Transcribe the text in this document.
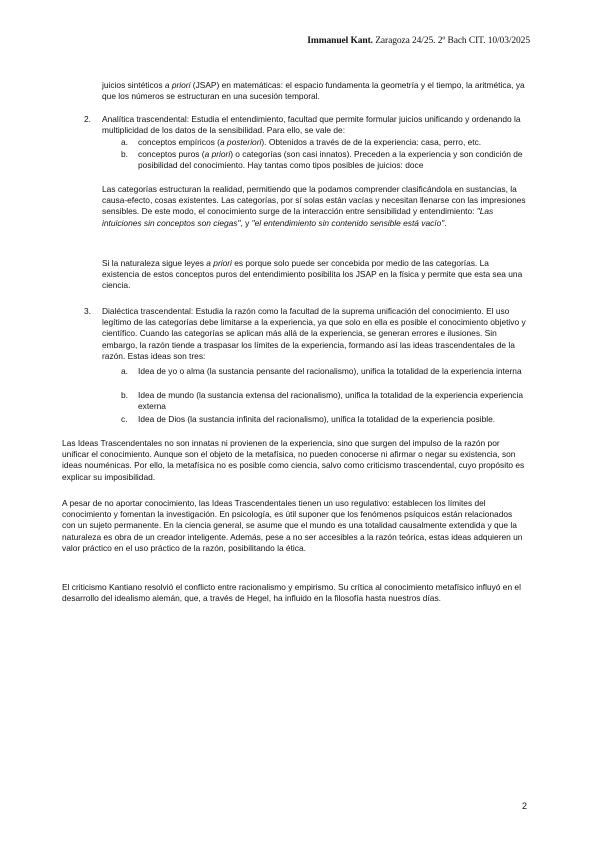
Immanuel Kant. Zaragoza 24/25. 2º Bach CIT. 10/03/2025

juicios sintéticos a priori (JSAP) en matemáticas: el espacio fundamenta la geometría y el tiempo, la aritmética, ya que los números se estructuran en una sucesión temporal.

2. Analítica trascendental: Estudia el entendimiento, facultad que permite formular juicios unificando y ordenando la multiplicidad de los datos de la sensibilidad. Para ello, se vale de:

a. conceptos empíricos (a posteriori). Obtenidos a través de de la experiencia: casa, perro, etc.

b. conceptos puros (a priori) o categorías (son casi innatos). Preceden a la experiencia y son condición de posibilidad del conocimiento. Hay tantas como tipos posibles de juicios: doce

Las categorías estructuran la realidad, permitiendo que la podamos comprender clasificándola en sustancias, la causa-efecto, cosas existentes. Las categorías, por sí solas están vacías y necesitan llenarse con las impresiones sensibles. De este modo, el conocimiento surge de la interacción entre sensibilidad y entendimiento: "Las intuiciones sin conceptos son ciegas", y "el entendimiento sin contenido sensible está vacío".

Si la naturaleza sigue leyes a priori es porque solo puede ser concebida por medio de las categorías. La existencia de estos conceptos puros del entendimiento posibilita los JSAP en la física y permite que esta sea una ciencia.

3. Dialéctica trascendental: Estudia la razón como la facultad de la suprema unificación del conocimiento. El uso legítimo de las categorías debe limitarse a la experiencia, ya que solo en ella es posible el conocimiento objetivo y científico. Cuando las categorías se aplican más allá de la experiencia, se generan errores e ilusiones. Sin embargo, la razón tiende a traspasar los límites de la experiencia, formando así las ideas trascendentales de la razón. Estas ideas son tres:

a. Idea de yo o alma (la sustancia pensante del racionalismo), unifica la totalidad de la experiencia interna

b. Idea de mundo (la sustancia extensa del racionalismo), unifica la totalidad de la experiencia experiencia externa

c. Idea de Dios (la sustancia infinita del racionalismo), unifica la totalidad de la experiencia posible.

Las Ideas Trascendentales no son innatas ni provienen de la experiencia, sino que surgen del impulso de la razón por unificar el conocimiento. Aunque son el objeto de la metafísica, no pueden conocerse ni afirmar o negar su existencia, son ideas nouménicas. Por ello, la metafísica no es posible como ciencia, salvo como criticismo trascendental, cuyo propósito es explicar su imposibilidad.

A pesar de no aportar conocimiento, las Ideas Trascendentales tienen un uso regulativo: establecen los límites del conocimiento y fomentan la investigación. En psicología, es útil suponer que los fenómenos psíquicos están relacionados con un sujeto permanente. En la ciencia general, se asume que el mundo es una totalidad causalmente extendida y que la naturaleza es obra de un creador inteligente. Además, pese a no ser accesibles a la razón teórica, estas ideas adquieren un valor práctico en el uso práctico de la razón, posibilitando la ética.

El criticismo Kantiano resolvió el conflicto entre racionalismo y empirismo. Su crítica al conocimiento metafísico influyó en el desarrollo del idealismo alemán, que, a través de Hegel, ha influido en la filosofía hasta nuestros días.

2
